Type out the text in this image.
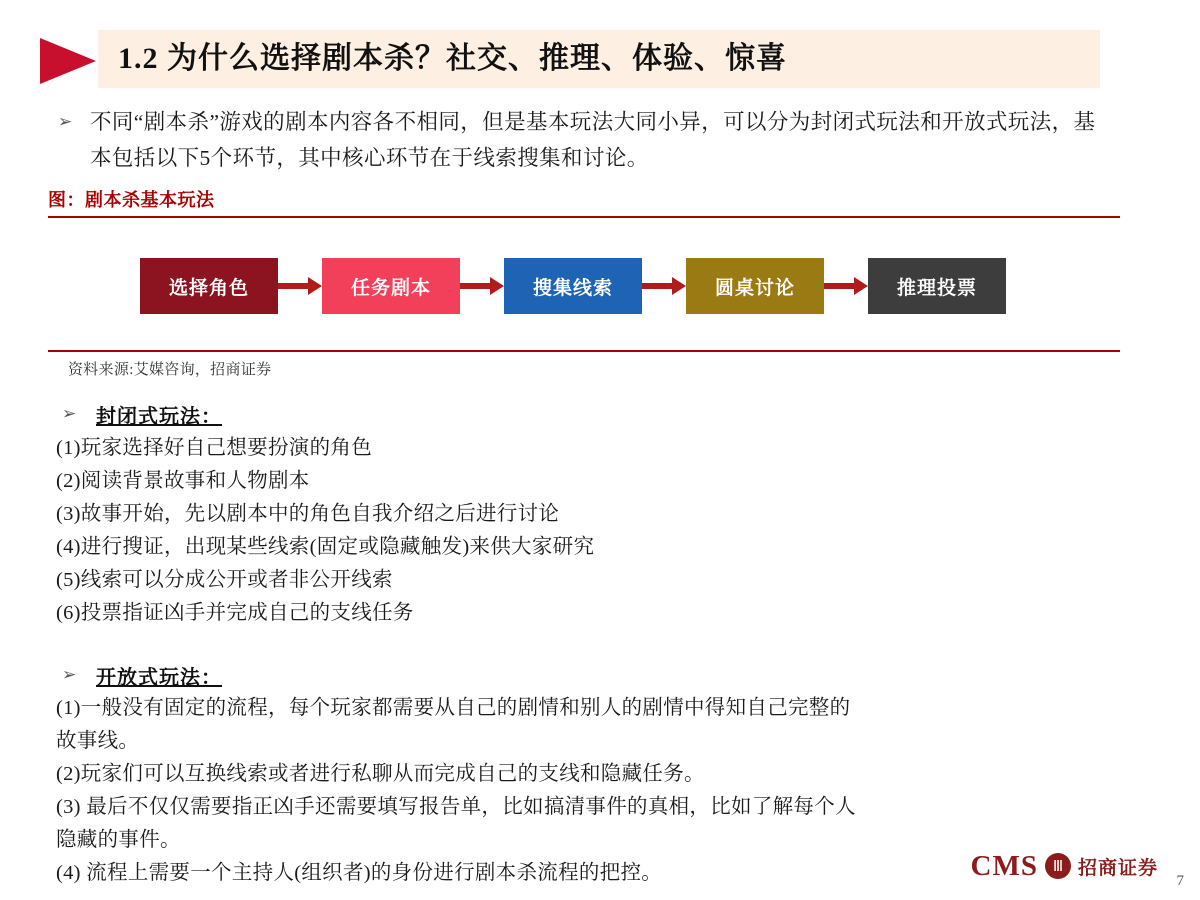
1.2 为什么选择剧本杀？社交、推理、体验、惊喜
➢ 不同“剧本杀”游戏的剧本内容各不相同，但是基本玩法大同小异，可以分为封闭式玩法和开放式玩法，基本包括以下5个环节，其中核心环节在于线索搜集和讨论。
图：剧本杀基本玩法
选择角色	任务剧本	搜集线索	圆桌讨论	推理投票
资料来源:艾媒咨询，招商证券
➢ 封闭式玩法：
(1)玩家选择好自己想要扮演的角色
(2)阅读背景故事和人物剧本
(3)故事开始，先以剧本中的角色自我介绍之后进行讨论
(4)进行搜证，出现某些线索(固定或隐藏触发)来供大家研究
(5)线索可以分成公开或者非公开线索
(6)投票指证凶手并完成自己的支线任务
➢ 开放式玩法：
(1)一般没有固定的流程，每个玩家都需要从自己的剧情和别人的剧情中得知自己完整的
故事线。
(2)玩家们可以互换线索或者进行私聊从而完成自己的支线和隐藏任务。
(3) 最后不仅仅需要指正凶手还需要填写报告单，比如搞清事件的真相，比如了解每个人
隐藏的事件。
(4) 流程上需要一个主持人(组织者)的身份进行剧本杀流程的把控。	CMS Ⅲ 招商证券
7
